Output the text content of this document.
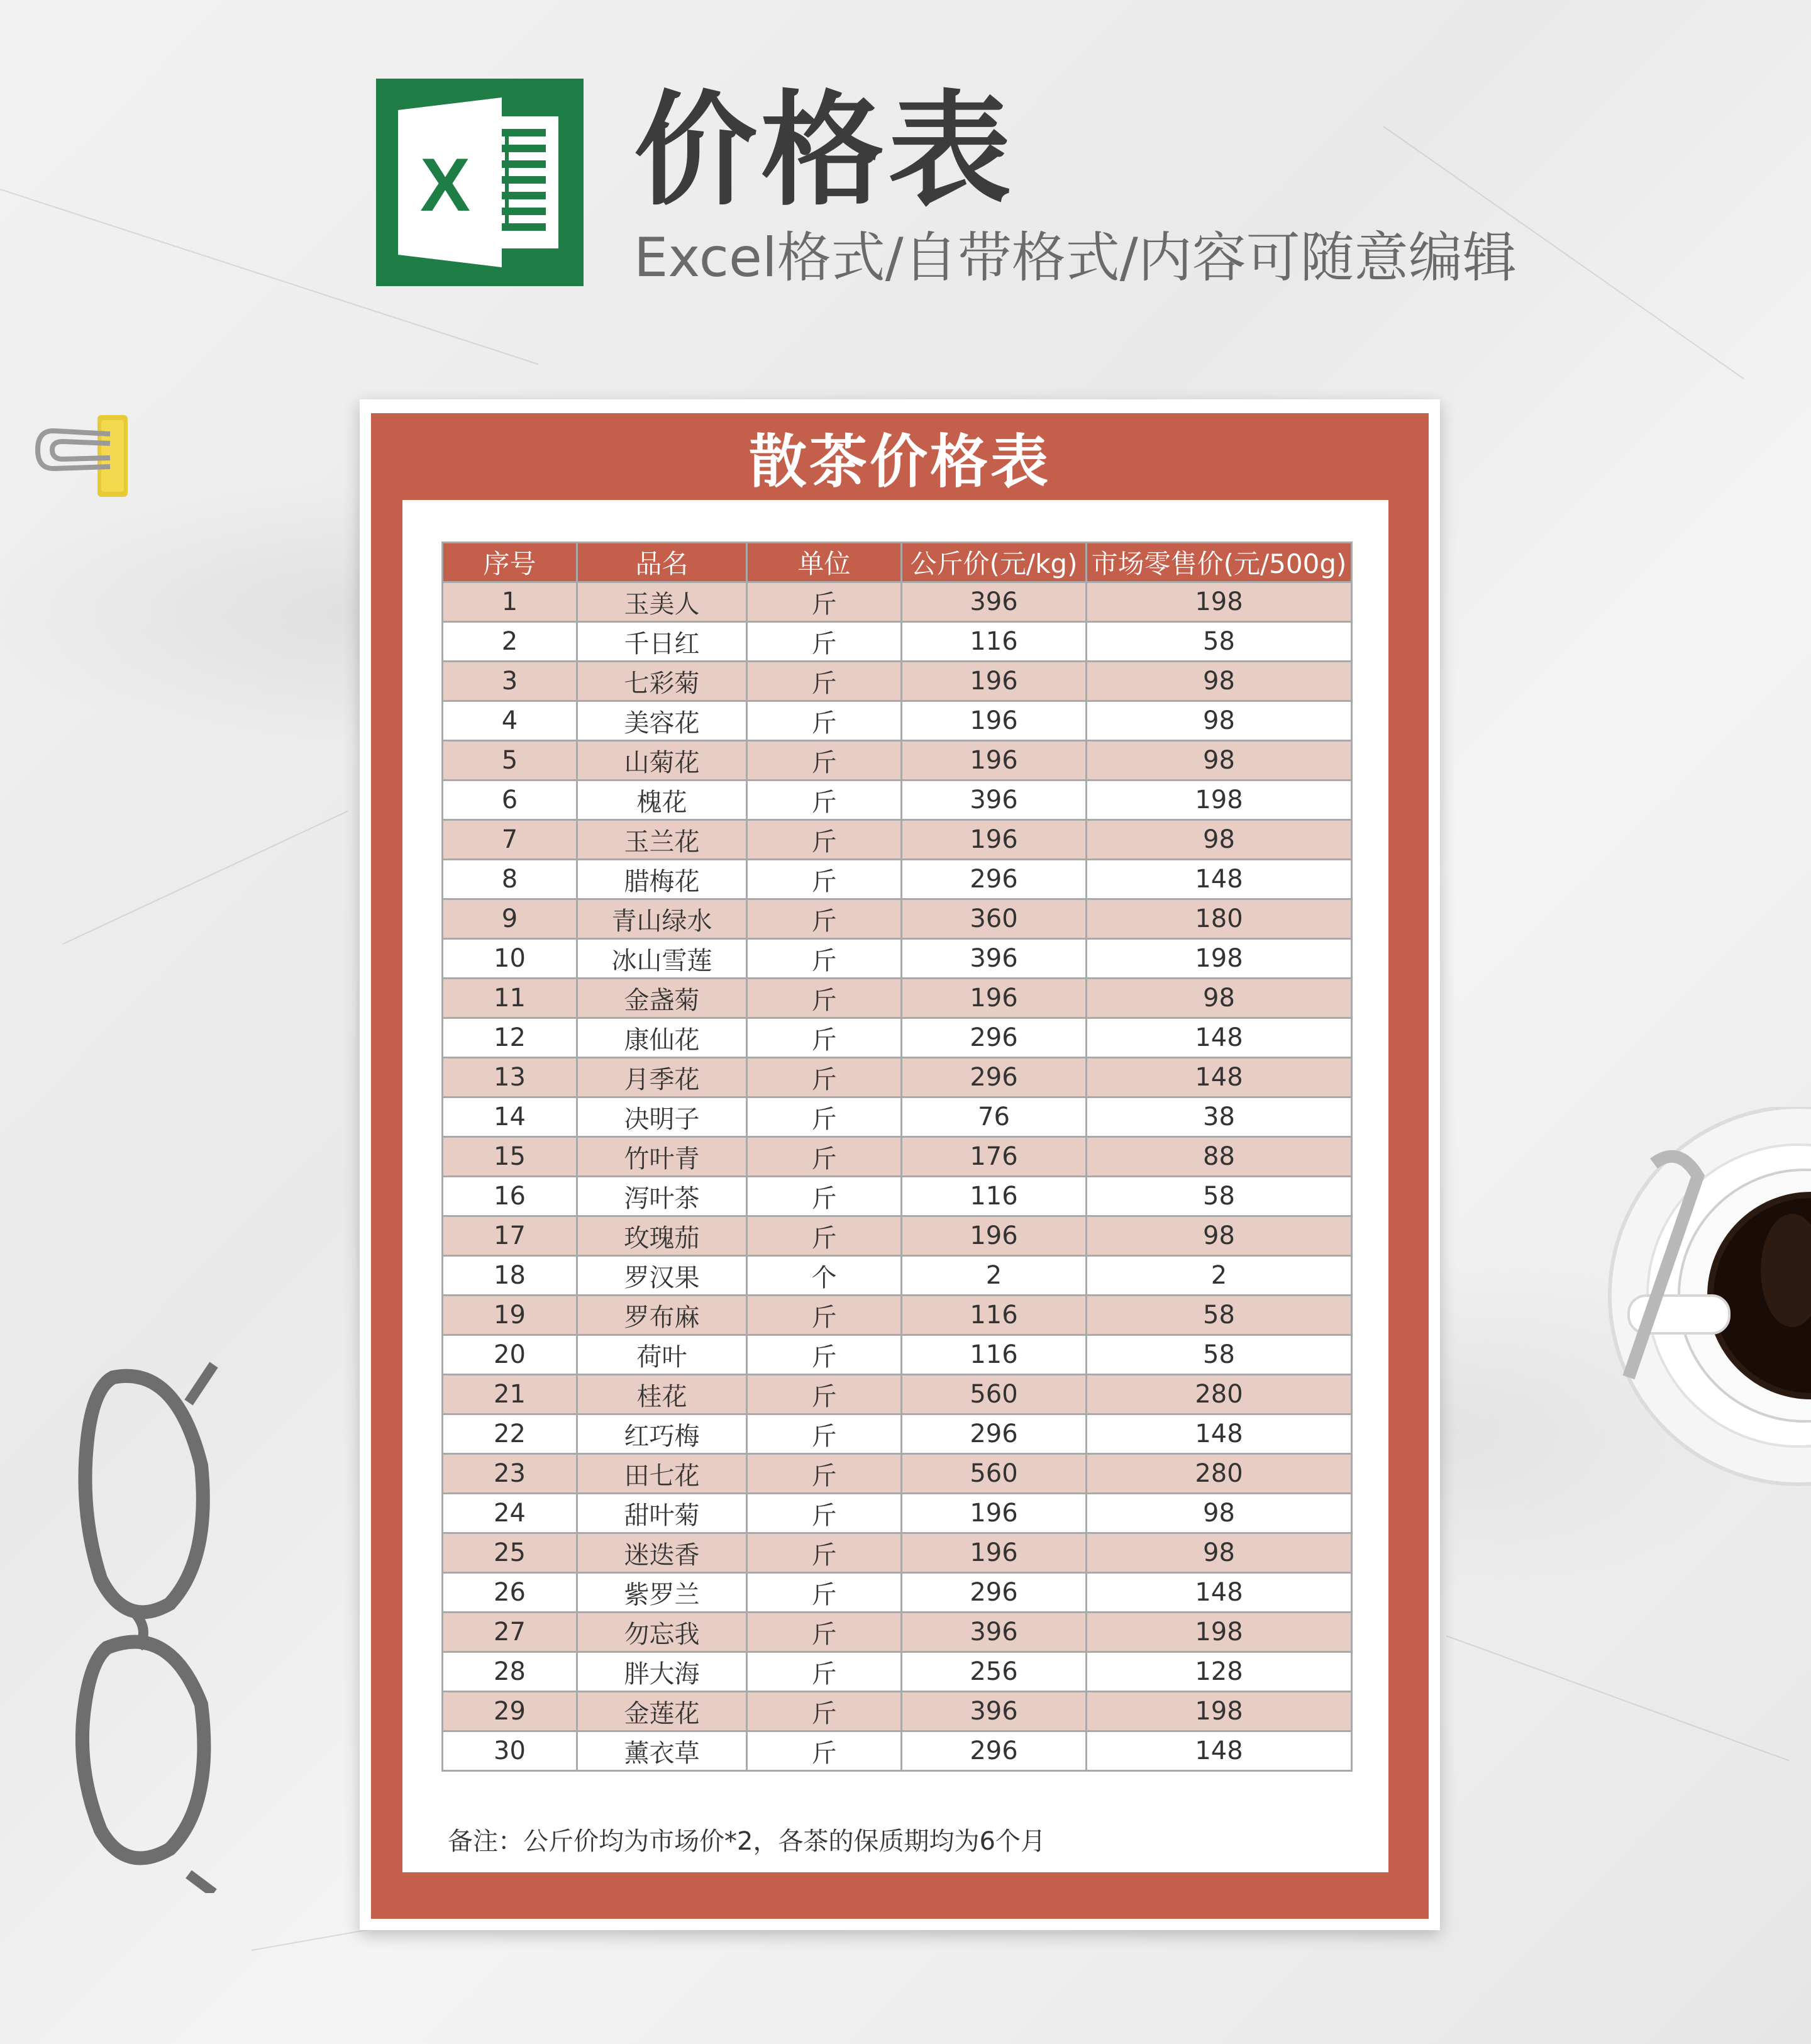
X 价格表
Excel格式/自带格式/内容可随意编辑
散茶价格表
序号	品名	单位	公斤价(元/kg)	市场零售价(元/500g)
1	玉美人	斤	396	198
2	千日红	斤	116	58
3	七彩菊	斤	196	98
4	美容花	斤	196	98
5	山菊花	斤	196	98
6	槐花	斤	396	198
7	玉兰花	斤	196	98
8	腊梅花	斤	296	148
9	青山绿水	斤	360	180
10	冰山雪莲	斤	396	198
11	金盏菊	斤	196	98
12	康仙花	斤	296	148
13	月季花	斤	296	148
14	决明子	斤	76	38
15	竹叶青	斤	176	88
16	泻叶茶	斤	116	58
17	玫瑰茄	斤	196	98
18	罗汉果	个	2	2
19	罗布麻	斤	116	58
20	荷叶	斤	116	58
21	桂花	斤	560	280
22	红巧梅	斤	296	148
23	田七花	斤	560	280
24	甜叶菊	斤	196	98
25	迷迭香	斤	196	98
26	紫罗兰	斤	296	148
27	勿忘我	斤	396	198
28	胖大海	斤	256	128
29	金莲花	斤	396	198
30	薰衣草	斤	296	148
备注：公斤价均为市场价*2，各茶的保质期均为6个月
